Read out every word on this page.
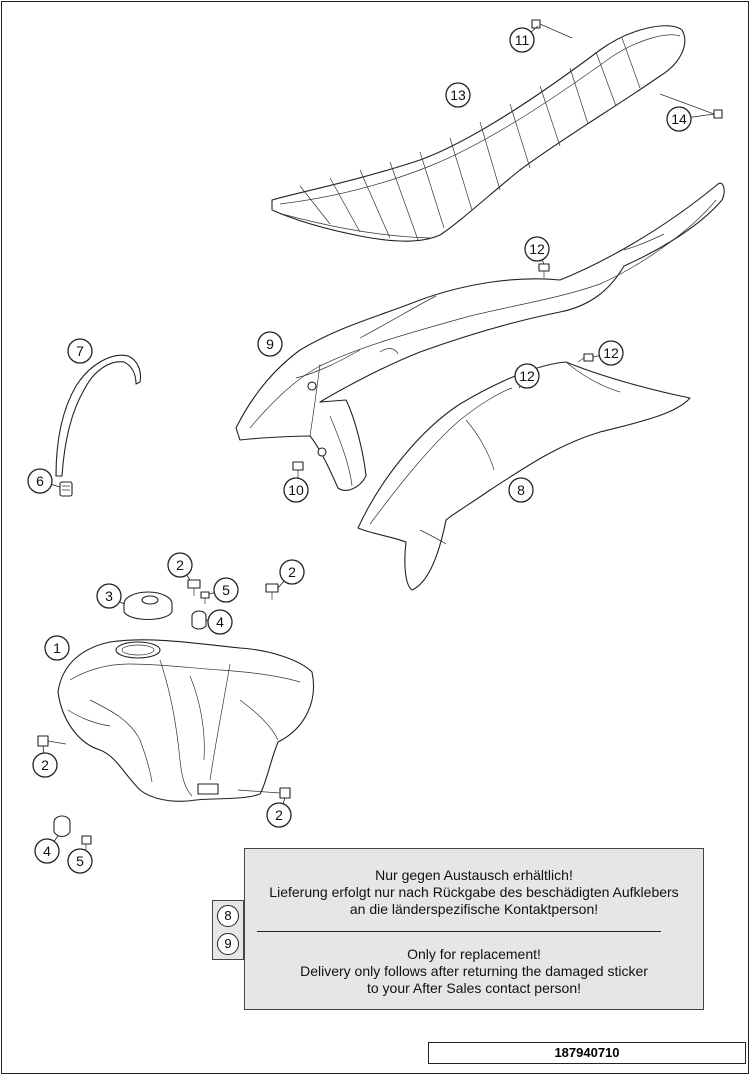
11
13
14
12
9
7
12
12
6
10	8
2	2
3	5
4
1
2
2
4
5
Nur gegen Austausch erhältlich!
Lieferung erfolgt nur nach Rückgabe des beschädigten Aufklebers
an die länderspezifische Kontaktperson!
Only for replacement!
Delivery only follows after returning the damaged sticker
to your After Sales contact person!
8
9
187940710
